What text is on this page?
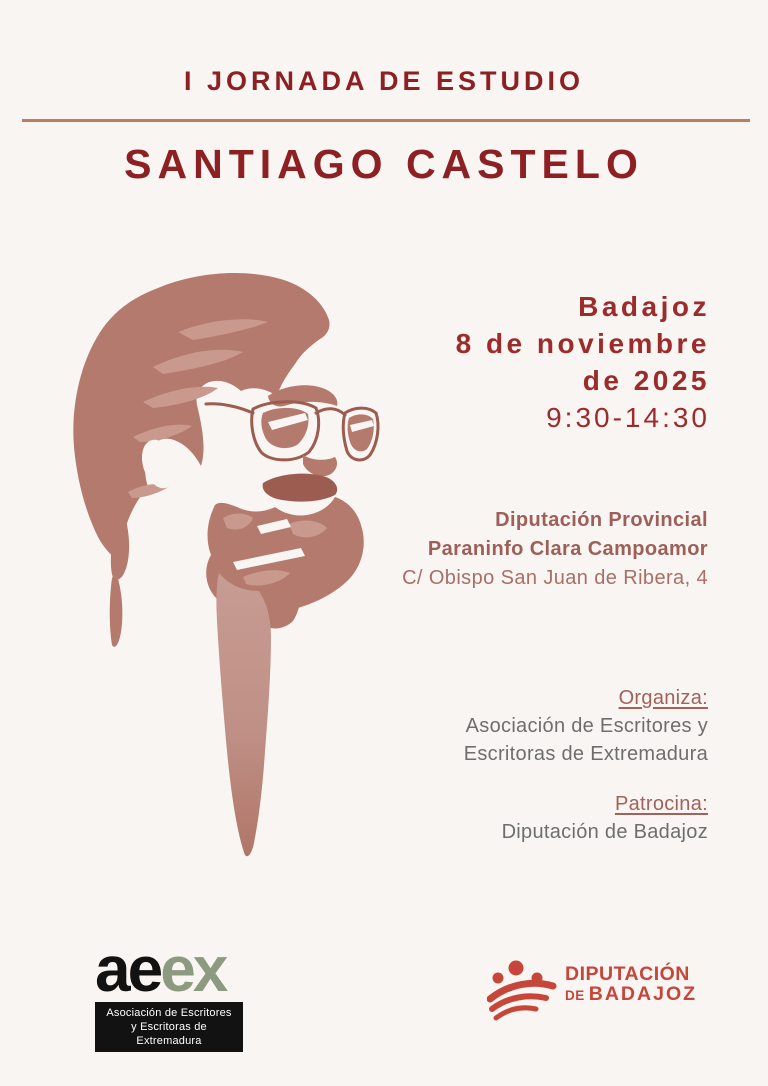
I JORNADA DE ESTUDIO
SANTIAGO CASTELO
Badajoz
8 de noviembre
de 2025
9:30-14:30
Diputación Provincial
Paraninfo Clara Campoamor
C/ Obispo San Juan de Ribera, 4
Organiza:
Asociación de Escritores y
Escritoras de Extremadura
Patrocina:
Diputación de Badajoz
aeex
Asociación de Escritores
y Escritoras de Extremadura
DIPUTACIÓN
DE BADAJOZ
